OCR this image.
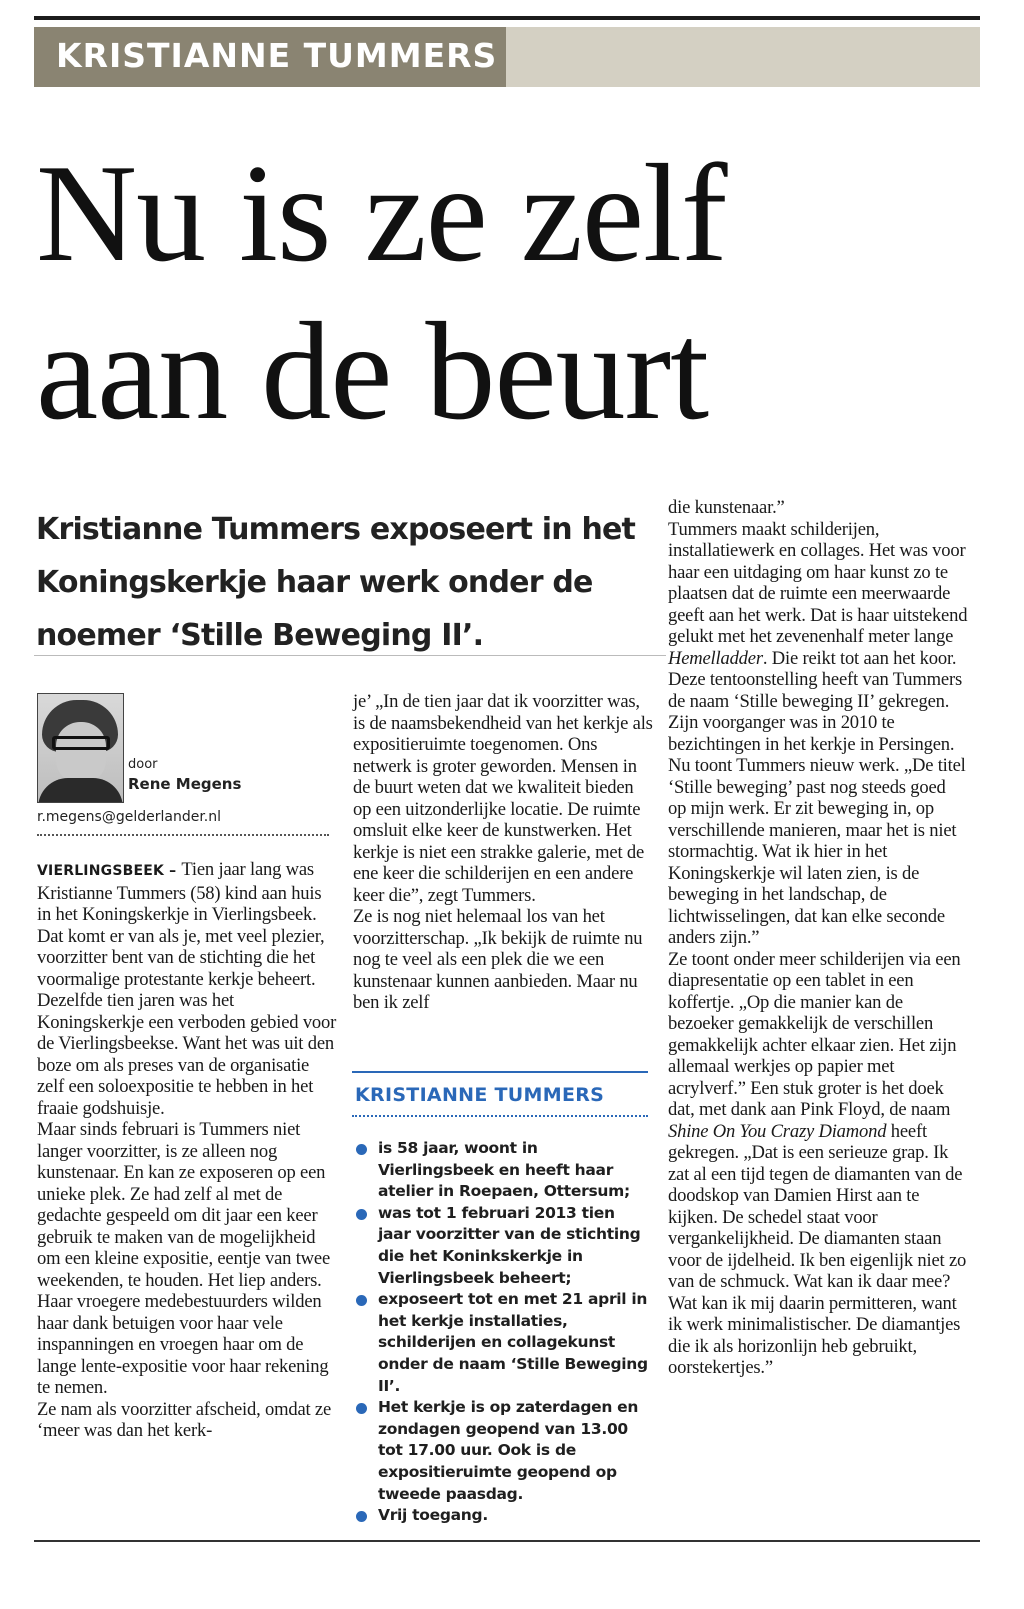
KRISTIANNE TUMMERS
Nu is ze zelf
aan de beurt

Kristianne Tummers exposeert in het Koningskerkje haar werk onder de noemer ‘Stille Beweging II’.

door
Rene Megens
r.megens@gelderlander.nl

VIERLINGSBEEK – Tien jaar lang was Kristianne Tummers (58) kind aan huis in het Koningskerkje in Vierlingsbeek. Dat komt er van als je, met veel plezier, voorzitter bent van de stichting die het voormalige protestante kerkje beheert. Dezelfde tien jaren was het Koningskerkje een verboden gebied voor de Vierlingsbeekse. Want het was uit den boze om als preses van de organisatie zelf een soloexpositie te hebben in het fraaie godshuisje.

Maar sinds februari is Tummers niet langer voorzitter, is ze alleen nog kunstenaar. En kan ze exposeren op een unieke plek. Ze had zelf al met de gedachte gespeeld om dit jaar een keer gebruik te maken van de mogelijkheid om een kleine expositie, eentje van twee weekenden, te houden. Het liep anders. Haar vroegere medebestuurders wilden haar dank betuigen voor haar vele inspanningen en vroegen haar om de lange lente-expositie voor haar rekening te nemen.

Ze nam als voorzitter afscheid, omdat ze ‘meer was dan het kerk-

je’ „In de tien jaar dat ik voorzitter was, is de naamsbekendheid van het kerkje als expositieruimte toegenomen. Ons netwerk is groter geworden. Mensen in de buurt weten dat we kwaliteit bieden op een uitzonderlijke locatie. De ruimte omsluit elke keer de kunstwerken. Het kerkje is niet een strakke galerie, met de ene keer die schilderijen en een andere keer die”, zegt Tummers.

Ze is nog niet helemaal los van het voorzitterschap. „Ik bekijk de ruimte nu nog te veel als een plek die we een kunstenaar kunnen aanbieden. Maar nu ben ik zelf

KRISTIANNE TUMMERS
is 58 jaar, woont in Vierlingsbeek en heeft haar atelier in Roepaen, Ottersum;
was tot 1 februari 2013 tien jaar voorzitter van de stichting die het Koninkskerkje in Vierlingsbeek beheert;
exposeert tot en met 21 april in het kerkje installaties, schilderijen en collagekunst onder de naam ‘Stille Beweging II’.
Het kerkje is op zaterdagen en zondagen geopend van 13.00 tot 17.00 uur. Ook is de expositieruimte geopend op tweede paasdag.
Vrij toegang.

die kunstenaar.”

Tummers maakt schilderijen, installatiewerk en collages. Het was voor haar een uitdaging om haar kunst zo te plaatsen dat de ruimte een meerwaarde geeft aan het werk. Dat is haar uitstekend gelukt met het zevenenhalf meter lange Hemelladder. Die reikt tot aan het koor.

Deze tentoonstelling heeft van Tummers de naam ‘Stille beweging II’ gekregen. Zijn voorganger was in 2010 te bezichtingen in het kerkje in Persingen. Nu toont Tummers nieuw werk. „De titel ‘Stille beweging’ past nog steeds goed op mijn werk. Er zit beweging in, op verschillende manieren, maar het is niet stormachtig. Wat ik hier in het Koningskerkje wil laten zien, is de beweging in het landschap, de lichtwisselingen, dat kan elke seconde anders zijn.”

Ze toont onder meer schilderijen via een diapresentatie op een tablet in een koffertje. „Op die manier kan de bezoeker gemakkelijk de verschillen gemakkelijk achter elkaar zien. Het zijn allemaal werkjes op papier met acrylverf.” Een stuk groter is het doek dat, met dank aan Pink Floyd, de naam Shine On You Crazy Diamond heeft gekregen. „Dat is een serieuze grap. Ik zat al een tijd tegen de diamanten van de doodskop van Damien Hirst aan te kijken. De schedel staat voor vergankelijkheid. De diamanten staan voor de ijdelheid. Ik ben eigenlijk niet zo van de schmuck. Wat kan ik daar mee? Wat kan ik mij daarin permitteren, want ik werk minimalistischer. De diamantjes die ik als horizonlijn heb gebruikt, oorstekertjes.”
